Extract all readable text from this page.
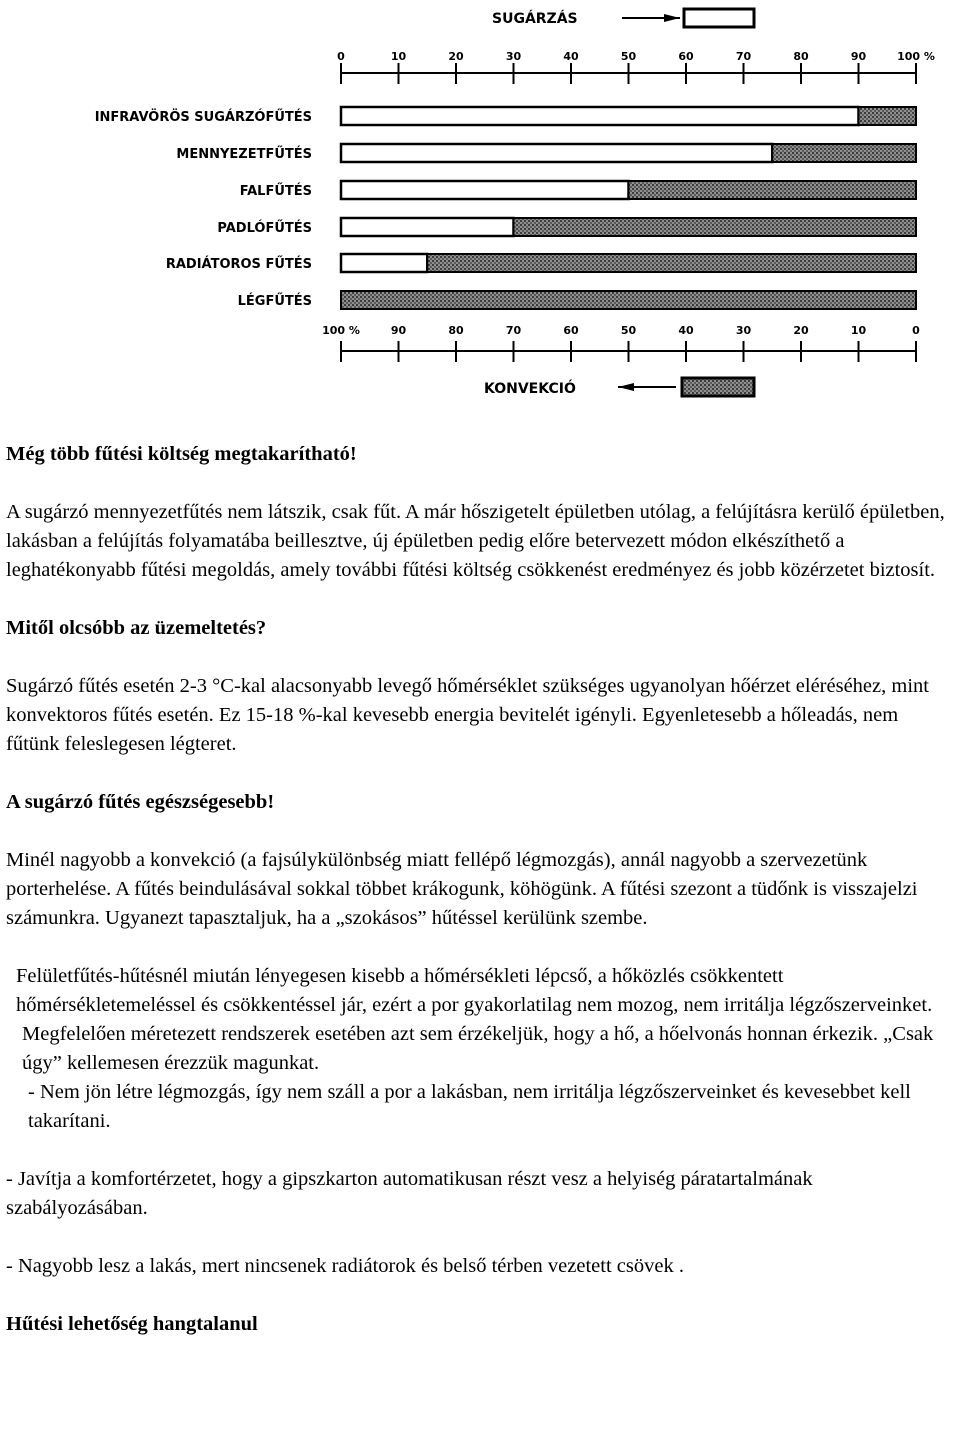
SUGÁRZÁS
KONVEKCIÓ
0	10	20	30	40	50	60	70	80	90	100 %
100 %	90	80	70	60	50	40	30	20	10	0
INFRAVÖRÖS SUGÁRZÓFŰTÉS
MENNYEZETFŰTÉS
FALFŰTÉS
PADLÓFŰTÉS
RADIÁTOROS FŰTÉS
LÉGFŰTÉS
Még több fűtési költség megtakarítható!

A sugárzó mennyezetfűtés nem látszik, csak fűt. A már hőszigetelt épületben utólag, a felújításra kerülő épületben, lakásban a felújítás folyamatába beillesztve, új épületben pedig előre betervezett módon elkészíthető a leghatékonyabb fűtési megoldás, amely további fűtési költség csökkenést eredményez és jobb közérzetet biztosít.

Mitől olcsóbb az üzemeltetés?

Sugárzó fűtés esetén 2-3 °C-kal alacsonyabb levegő hőmérséklet szükséges ugyanolyan hőérzet eléréséhez, mint konvektoros fűtés esetén. Ez 15-18 %-kal kevesebb energia bevitelét igényli. Egyenletesebb a hőleadás, nem fűtünk feleslegesen légteret.

A sugárzó fűtés egészségesebb!

Minél nagyobb a konvekció (a fajsúlykülönbség miatt fellépő légmozgás), annál nagyobb a szervezetünk porterhelése. A fűtés beindulásával sokkal többet krákogunk, köhögünk. A fűtési szezont a tüdőnk is visszajelzi számunkra. Ugyanezt tapasztaljuk, ha a „szokásos” hűtéssel kerülünk szembe.

Felületfűtés-hűtésnél miután lényegesen kisebb a hőmérsékleti lépcső, a hőközlés csökkentett hőmérsékletemeléssel és csökkentéssel jár, ezért a por gyakorlatilag nem mozog, nem irritálja légzőszerveinket.

Megfelelően méretezett rendszerek esetében azt sem érzékeljük, hogy a hő, a hőelvonás honnan érkezik. „Csak úgy” kellemesen érezzük magunkat.

- Nem jön létre légmozgás, így nem száll a por a lakásban, nem irritálja légzőszerveinket és kevesebbet kell takarítani.

- Javítja a komfortérzetet, hogy a gipszkarton automatikusan részt vesz a helyiség páratartalmának szabályozásában.

- Nagyobb lesz a lakás, mert nincsenek radiátorok és belső térben vezetett csövek .

Hűtési lehetőség hangtalanul
